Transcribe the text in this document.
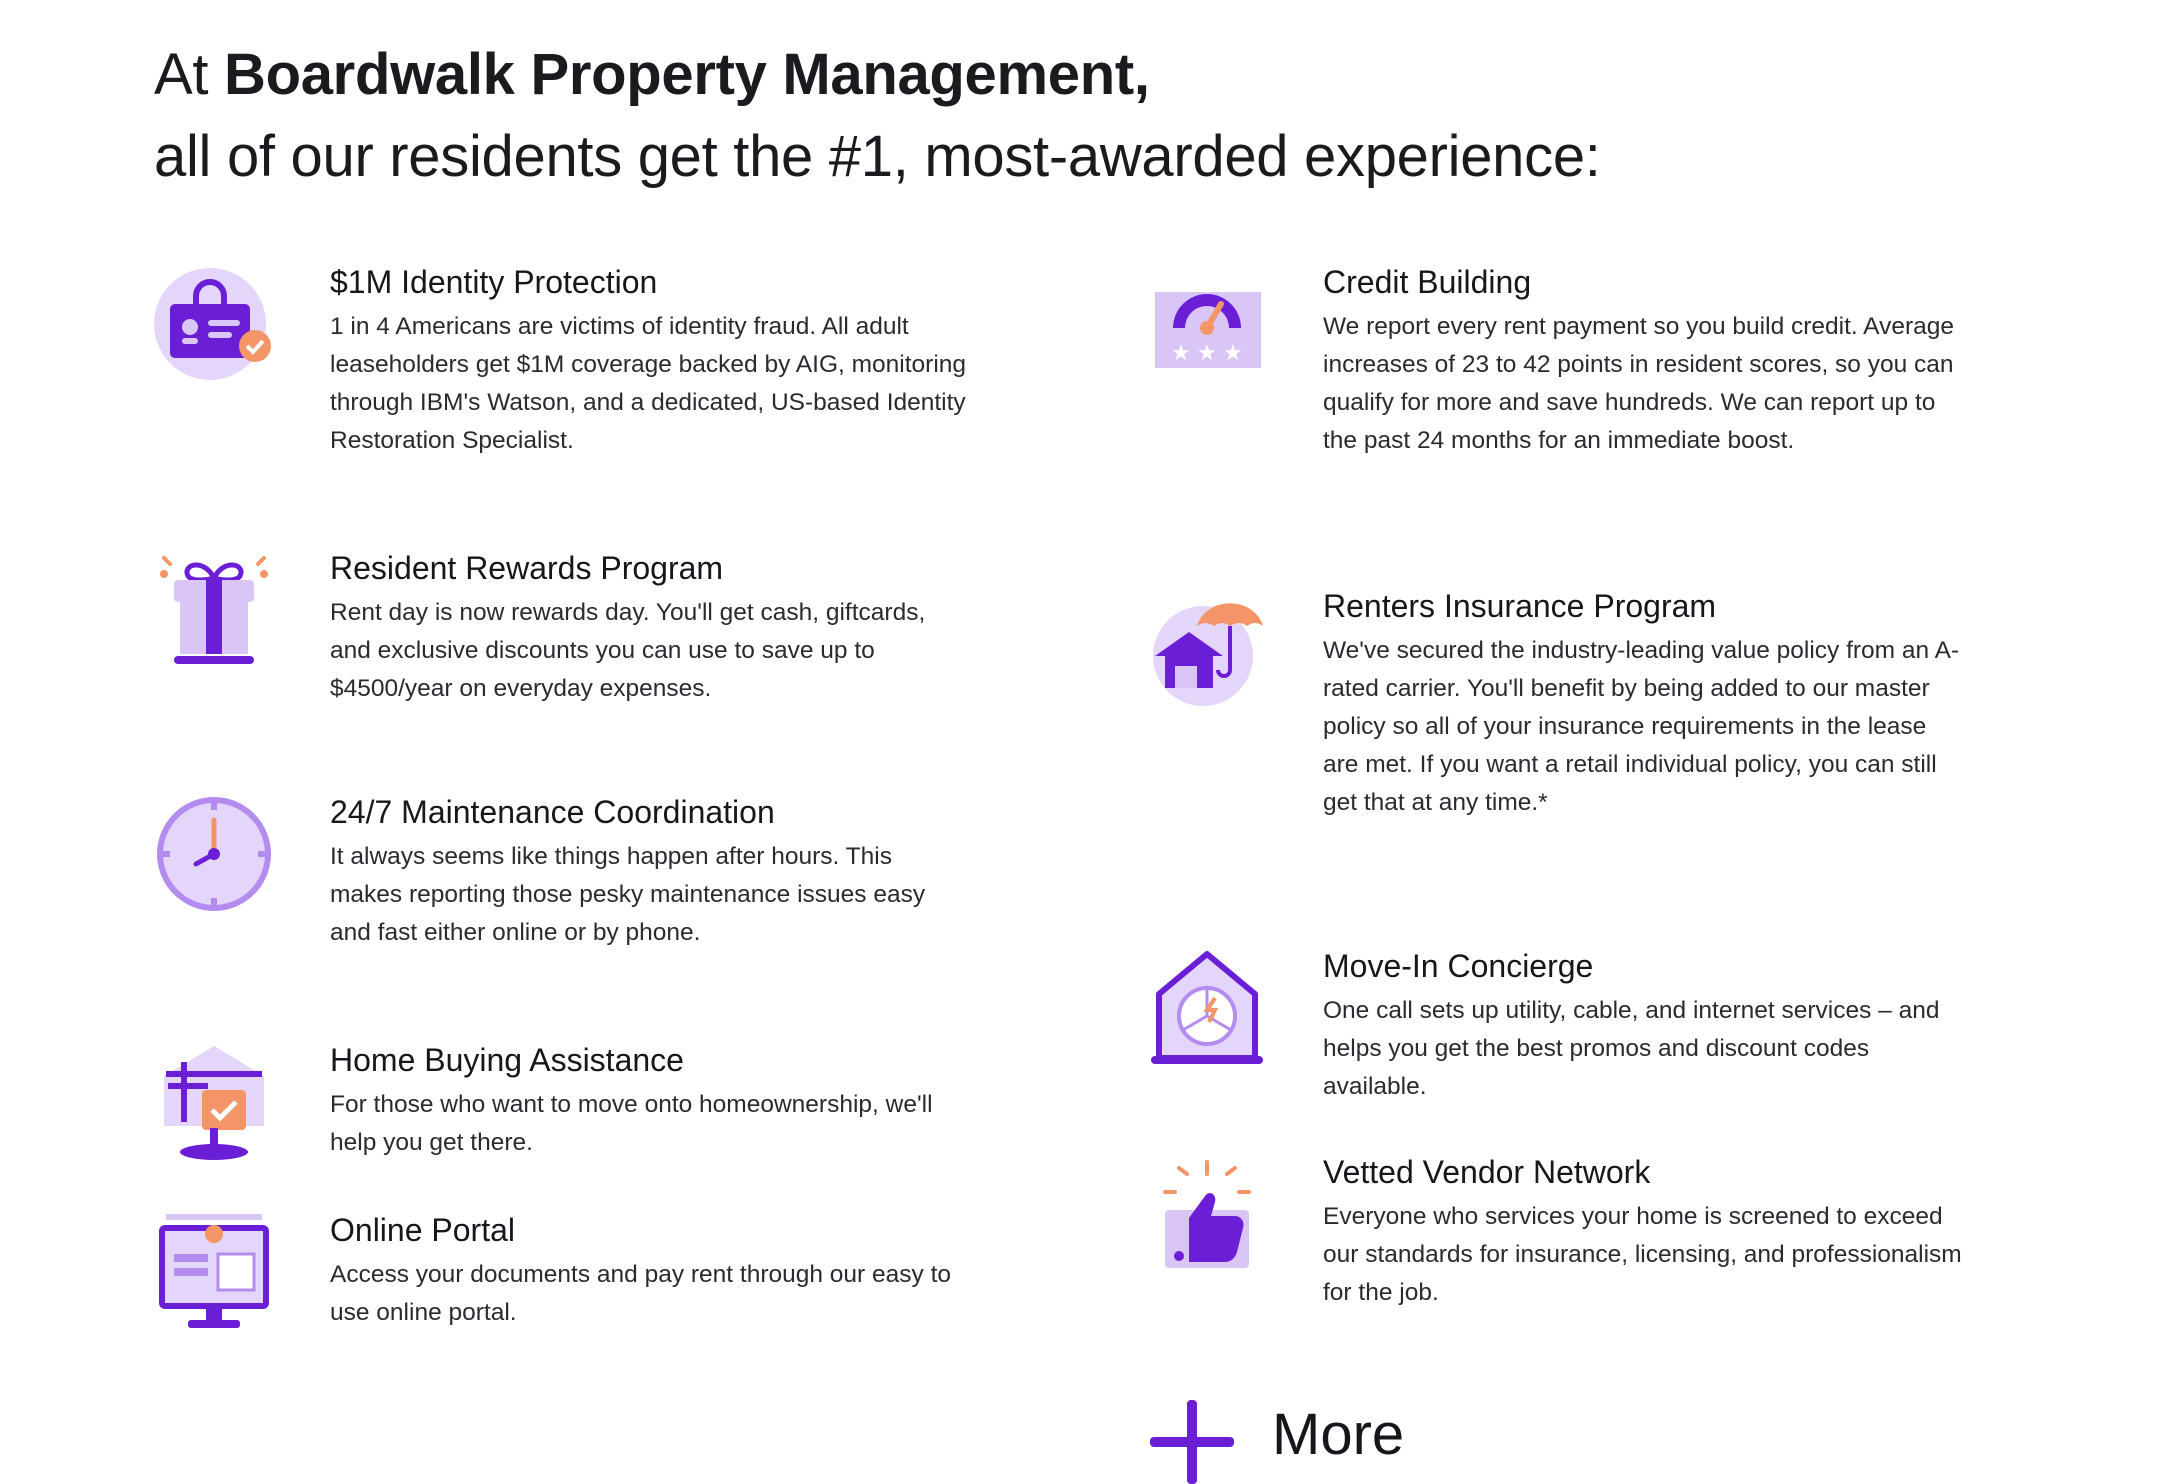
At Boardwalk Property Management,
all of our residents get the #1, most-awarded experience:
$1M Identity Protection

1 in 4 Americans are victims of identity fraud. All adult leaseholders get $1M coverage backed by AIG, monitoring through IBM's Watson, and a dedicated, US-based Identity Restoration Specialist.

Resident Rewards Program

Rent day is now rewards day. You'll get cash, giftcards, and exclusive discounts you can use to save up to $4500/year on everyday expenses.

24/7 Maintenance Coordination

It always seems like things happen after hours. This makes reporting those pesky maintenance issues easy and fast either online or by phone.

Home Buying Assistance

For those who want to move onto homeownership, we'll help you get there.

Online Portal

Access your documents and pay rent through our easy to use online portal.

★ ★ ★
Credit Building

We report every rent payment so you build credit. Average increases of 23 to 42 points in resident scores, so you can qualify for more and save hundreds. We can report up to the past 24 months for an immediate boost.

Renters Insurance Program

We've secured the industry-leading value policy from an A-rated carrier. You'll benefit by being added to our master policy so all of your insurance requirements in the lease are met. If you want a retail individual policy, you can still get that at any time.*

Move-In Concierge

One call sets up utility, cable, and internet services – and helps you get the best promos and discount codes available.

Vetted Vendor Network

Everyone who services your home is screened to exceed our standards for insurance, licensing, and professionalism for the job.

More
